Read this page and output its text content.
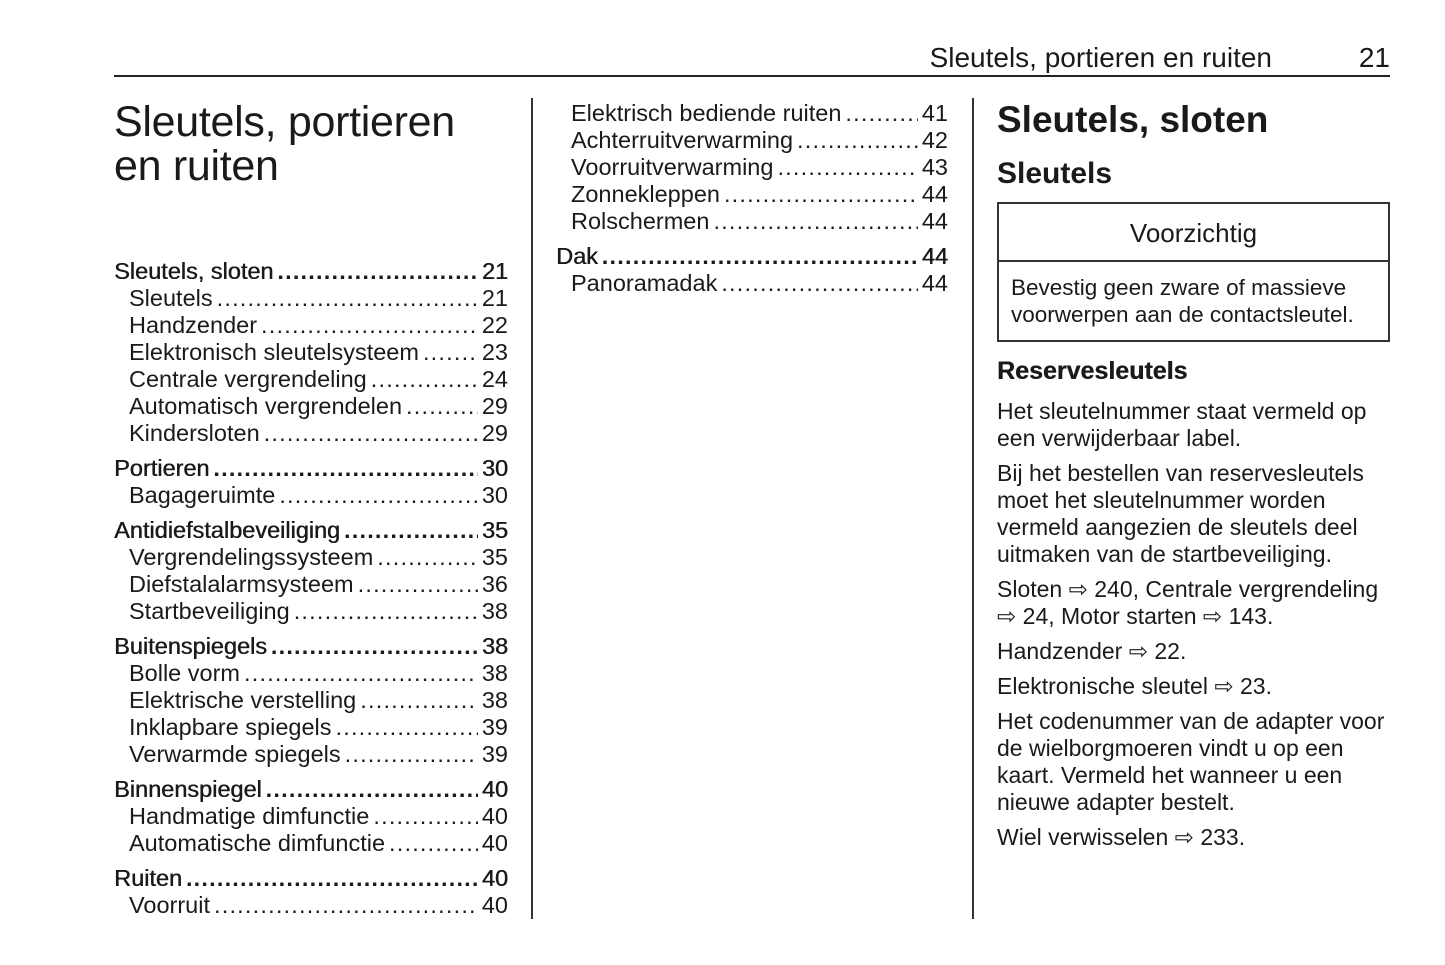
Sleutels, portieren en ruiten	21
Sleutels, portieren
en ruiten
Sleutels, sloten .....	21
Sleutels .....	21
Handzender .....	22
Elektronisch sleutelsysteem .....	23
Centrale vergrendeling .....	24
Automatisch vergrendelen .....	29
Kindersloten .....	29
Portieren .....	30
Bagageruimte .....	30
Antidiefstalbeveiliging .....	35
Vergrendelingssysteem .....	35
Diefstalalarmsysteem .....	36
Startbeveiliging .....	38
Buitenspiegels .....	38
Bolle vorm .....	38
Elektrische verstelling .....	38
Inklapbare spiegels .....	39
Verwarmde spiegels .....	39
Binnenspiegel .....	40
Handmatige dimfunctie .....	40
Automatische dimfunctie .....	40
Ruiten .....	40
Voorruit .....	40
Elektrisch bediende ruiten .....	41
Achterruitverwarming .....	42
Voorruitverwarming .....	43
Zonnekleppen .....	44
Rolschermen .....	44
Dak .....	44
Panoramadak .....	44
Sleutels, sloten
Sleutels
Voorzichtig
Bevestig geen zware of massieve voorwerpen aan de contactsleutel.
Reservesleutels

Het sleutelnummer staat vermeld op een verwijderbaar label.

Bij het bestellen van reservesleutels moet het sleutelnummer worden vermeld aangezien de sleutels deel uitmaken van de startbeveiliging.

Sloten ⇨ 240, Centrale vergrendeling ⇨ 24, Motor starten ⇨ 143.

Handzender ⇨ 22.

Elektronische sleutel ⇨ 23.

Het codenummer van de adapter voor de wielborgmoeren vindt u op een kaart. Vermeld het wanneer u een nieuwe adapter bestelt.

Wiel verwisselen ⇨ 233.
